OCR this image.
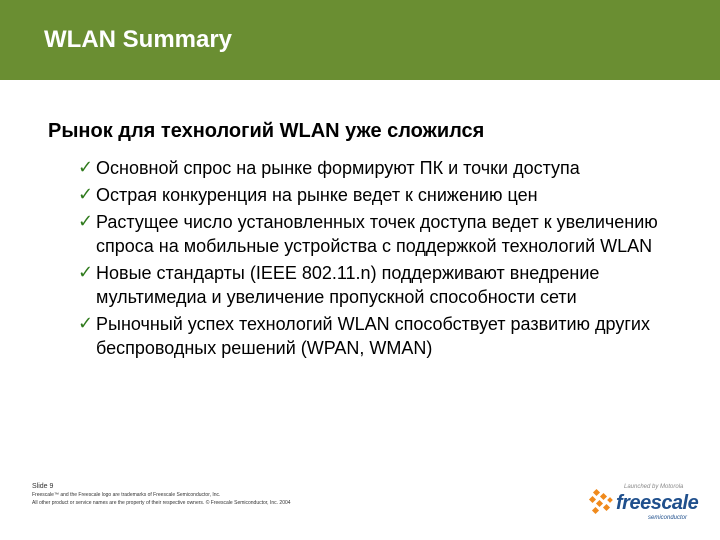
WLAN Summary
Рынок для технологий WLAN уже сложился
✓ Основной спрос на рынке формируют ПК и точки доступа
✓ Острая конкуренция на рынке ведет к снижению цен
✓ Растущее число установленных точек доступа ведет к увеличению спроса на мобильные устройства с поддержкой технологий WLAN
✓ Новые стандарты (IEEE 802.11.n) поддерживают внедрение мультимедиа и увеличение пропускной способности сети
✓ Рыночный успех технологий WLAN способствует развитию других беспроводных решений (WPAN, WMAN)
Slide 9
Freescale™ and the Freescale logo are trademarks of Freescale Semiconductor, Inc.
All other product or service names are the property of their respective owners. © Freescale Semiconductor, Inc. 2004
Launched by Motorola
freescale
semiconductor
